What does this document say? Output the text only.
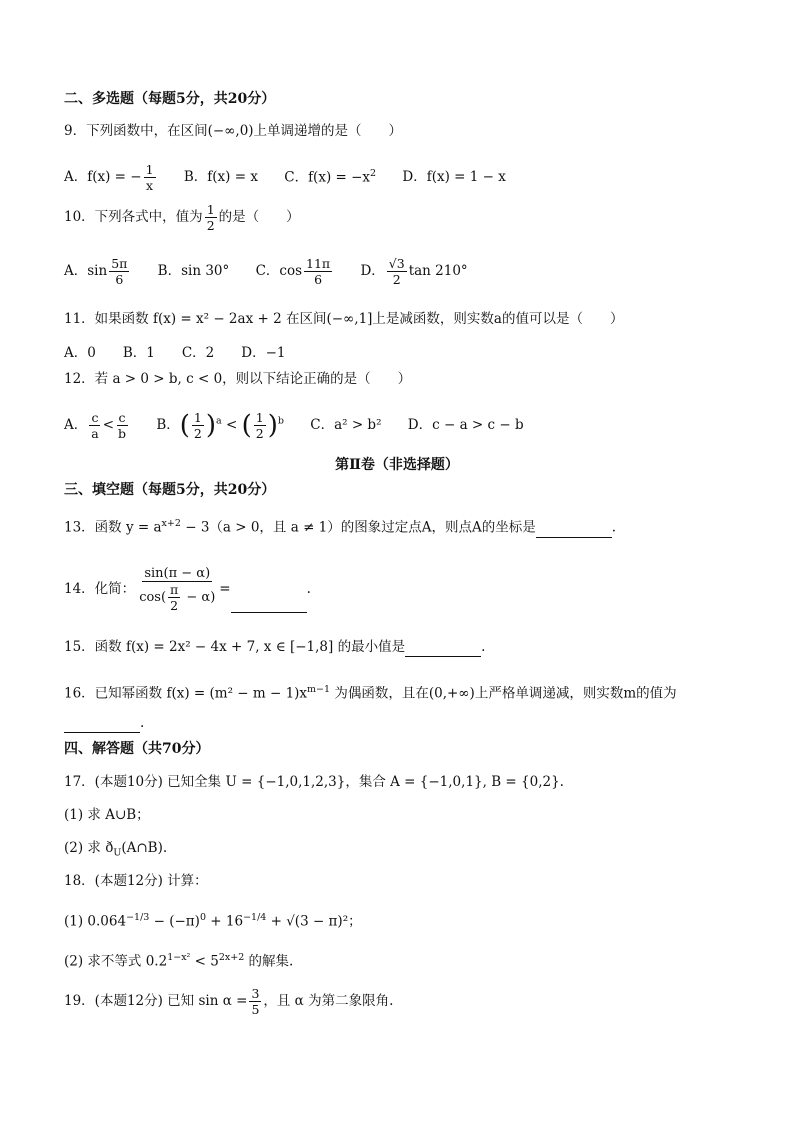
二、多选题（每题5分，共20分）
9．下列函数中，在区间(−∞,0)上单调递增的是（　　）
A．f(x) = − $\frac{1}{x}$ B．f(x) = x C．$f(x) = -x^2$ D．f(x) = 1 − x
10．下列各式中，值为 $\frac{1}{2}$ 的是（　　）
A．$\sin \frac{5\pi}{6}$ B．sin 30° C．$\cos \frac{11\pi}{6}$ D． $\frac{√3}{2}$ tan 210°
11．如果函数 f(x) = x² − 2ax + 2 在区间(−∞,1]上是减函数，则实数a的值可以是（　　）
A．0　　B．1　　C．2　　D．−1
12．若 a > 0 > b, c < 0，则以下结论正确的是（　　）
A． $\frac{c}{a} < \frac{c}{b}$ B．( $\frac{1}{2} )^a$ < ( $\frac{1}{2} )^b$ C．a² > b² D．c − a > c − b
第Ⅱ卷（非选择题）
三、填空题（每题5分，共20分）
13．函数 $y = a^{x+2} - 3(a > 0$，且 a ≠ 1）的图象过定点A，则点A的坐标是	.
14．化简： $\frac{\sin(\pi - \alpha)}{\cos( \frac{\pi}{2} - \alpha)}$ =	.
15．函数 f(x) = 2x² − 4x + 7, x ∈ [−1,8] 的最小值是	.
16．已知幂函数 $f(x) = (m^2 - m - 1)x^{m-1}$ 为偶函数，且在(0,+∞)上严格单调递减，则实数m的值为
.
四、解答题（共70分）
17．(本题10分) 已知全集 U = {−1,0,1,2,3}，集合 A = {−1,0,1}, B = {0,2}.
(1) 求 A∪B；
(2) 求 $ð_U(A\cap B)$.
18．(本题12分) 计算：
(1) $0.064^{-1/3} - (-\pi)^0 + 16^{-1/4} + √(3 - \pi)^2$；
(2) 求不等式 $0.2^{1-x^2} < 5^{2x+2}$ 的解集.
19．(本题12分) 已知 $\sin \alpha = \frac{3}{5}$ ，且 α 为第二象限角.
